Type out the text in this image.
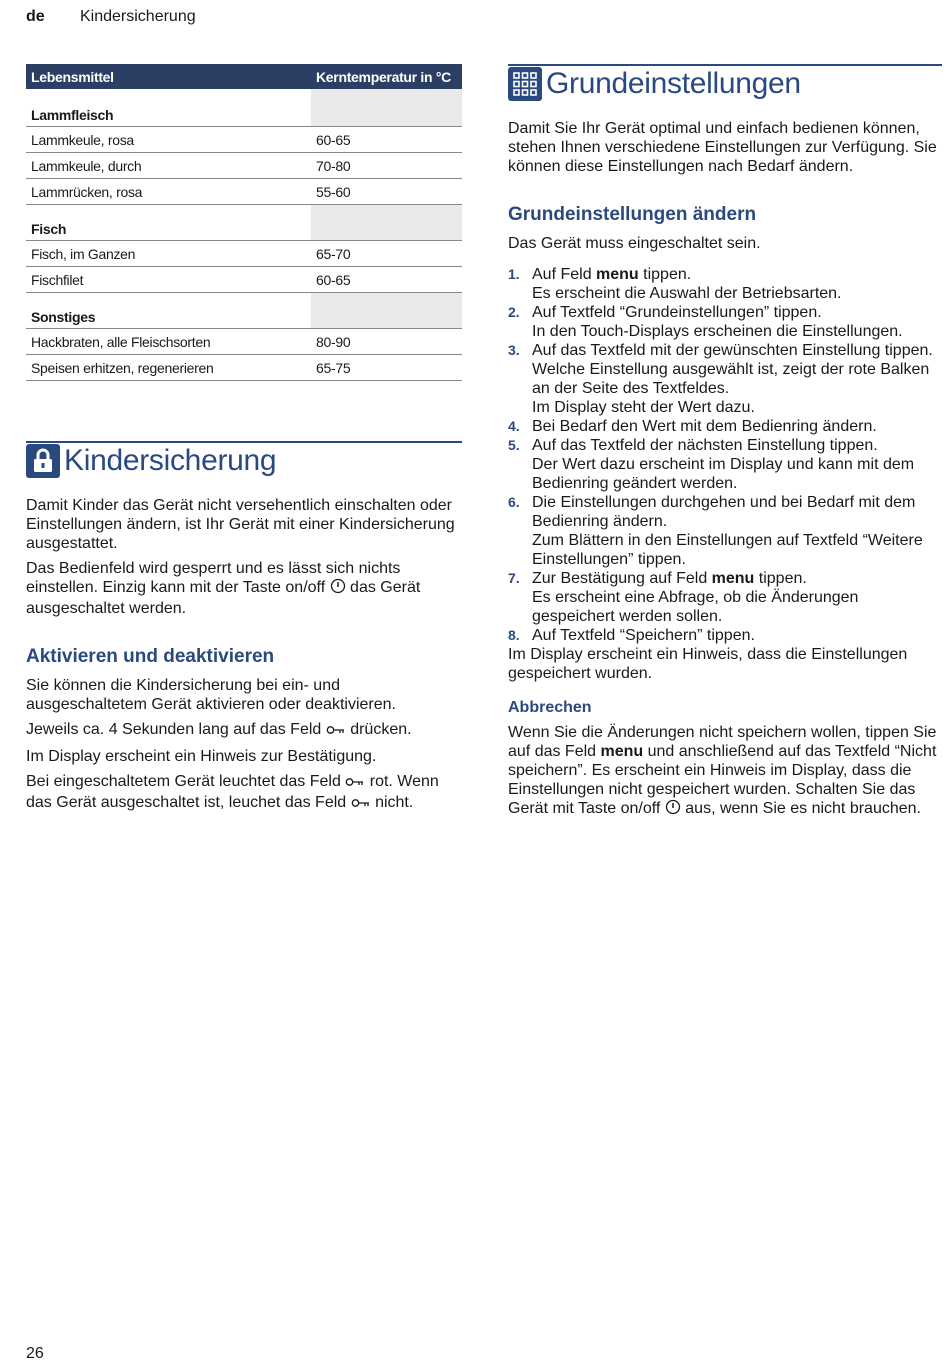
de Kindersicherung
Lebensmittel	Kerntemperatur in °C
Lammfleisch	
Lammkeule, rosa	60-65
Lammkeule, durch	70-80
Lammrücken, rosa	55-60
Fisch	
Fisch, im Ganzen	65-70
Fischfilet	60-65
Sonstiges	
Hackbraten, alle Fleischsorten	80-90
Speisen erhitzen, regenerieren	65-75
Kindersicherung

Damit Kinder das Gerät nicht versehentlich einschalten oder Einstellungen ändern, ist Ihr Gerät mit einer Kindersicherung ausgestattet.

Das Bedienfeld wird gesperrt und es lässt sich nichts einstellen. Einzig kann mit der Taste on/off  das Gerät ausgeschaltet werden.

Aktivieren und deaktivieren

Sie können die Kindersicherung bei ein- und ausgeschaltetem Gerät aktivieren oder deaktivieren.

Jeweils ca. 4 Sekunden lang auf das Feld  drücken.

Im Display erscheint ein Hinweis zur Bestätigung.

Bei eingeschaltetem Gerät leuchtet das Feld  rot. Wenn das Gerät ausgeschaltet ist, leuchet das Feld  nicht.

Grundeinstellungen

Damit Sie Ihr Gerät optimal und einfach bedienen können, stehen Ihnen verschiedene Einstellungen zur Verfügung. Sie können diese Einstellungen nach Bedarf ändern.

Grundeinstellungen ändern

Das Gerät muss eingeschaltet sein.

1. Auf Feld menu tippen.
Es erscheint die Auswahl der Betriebsarten.
2. Auf Textfeld “Grundeinstellungen” tippen.
In den Touch-Displays erscheinen die Einstellungen.
3. Auf das Textfeld mit der gewünschten Einstellung tippen.
Welche Einstellung ausgewählt ist, zeigt der rote Balken an der Seite des Textfeldes.
Im Display steht der Wert dazu.
4. Bei Bedarf den Wert mit dem Bedienring ändern.
5. Auf das Textfeld der nächsten Einstellung tippen.
Der Wert dazu erscheint im Display und kann mit dem Bedienring geändert werden.
6. Die Einstellungen durchgehen und bei Bedarf mit dem Bedienring ändern.
Zum Blättern in den Einstellungen auf Textfeld “Weitere Einstellungen” tippen.
7. Zur Bestätigung auf Feld menu tippen.
Es erscheint eine Abfrage, ob die Änderungen gespeichert werden sollen.
8. Auf Textfeld “Speichern” tippen.

Im Display erscheint ein Hinweis, dass die Einstellungen gespeichert wurden.

Abbrechen

Wenn Sie die Änderungen nicht speichern wollen, tippen Sie auf das Feld menu und anschließend auf das Textfeld “Nicht speichern”. Es erscheint ein Hinweis im Display, dass die Einstellungen nicht gespeichert wurden. Schalten Sie das Gerät mit Taste on/off  aus, wenn Sie es nicht brauchen.

26
